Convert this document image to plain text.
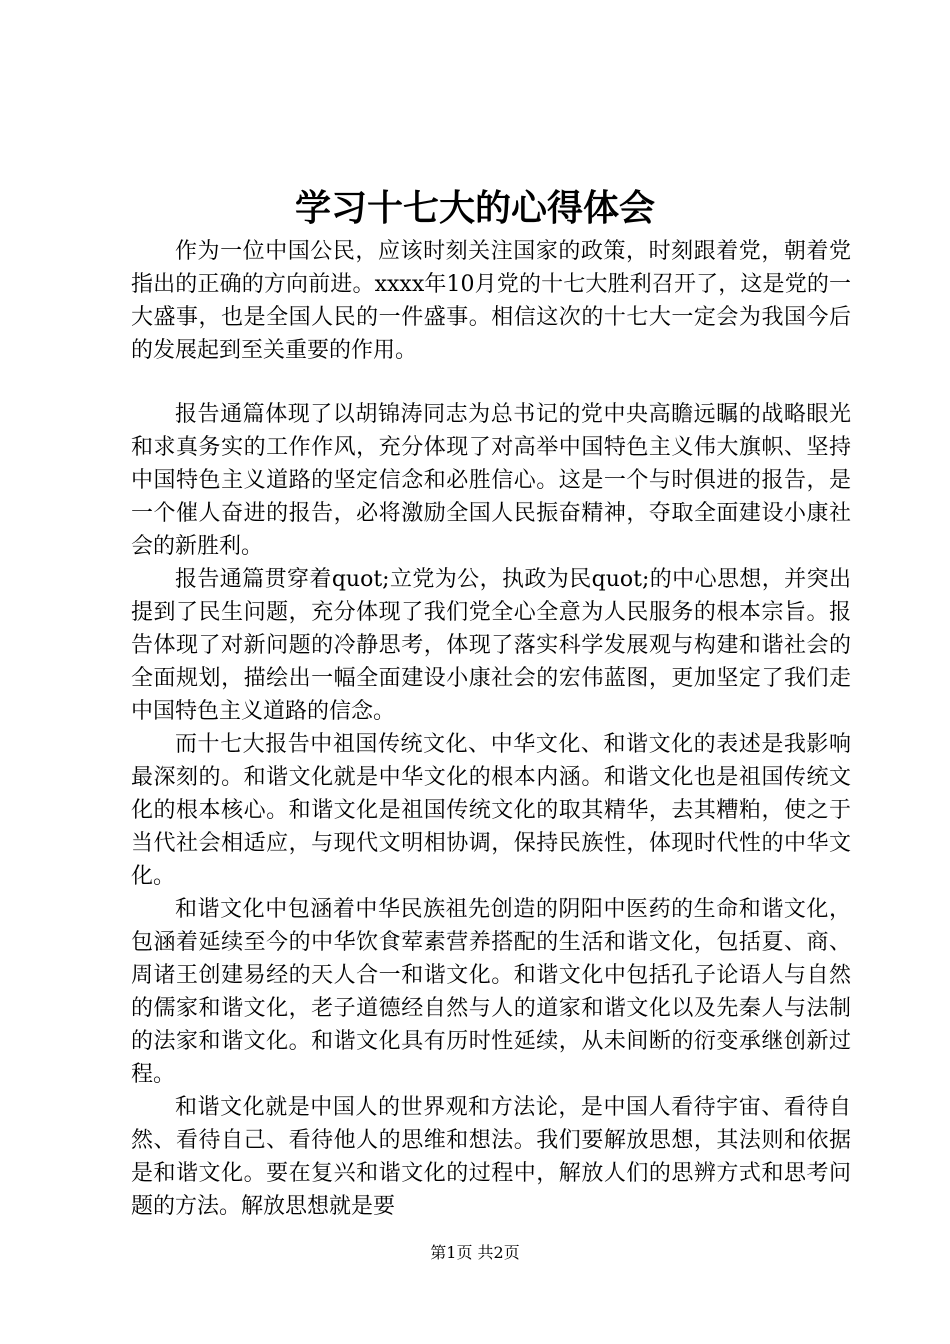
学习十七大的心得体会

作为一位中国公民，应该时刻关注国家的政策，时刻跟着党，朝着党指出的正确的方向前进。xxxx年10月党的十七大胜利召开了，这是党的一大盛事，也是全国人民的一件盛事。相信这次的十七大一定会为我国今后的发展起到至关重要的作用。

报告通篇体现了以胡锦涛同志为总书记的党中央高瞻远瞩的战略眼光和求真务实的工作作风，充分体现了对高举中国特色主义伟大旗帜、坚持中国特色主义道路的坚定信念和必胜信心。这是一个与时俱进的报告，是一个催人奋进的报告，必将激励全国人民振奋精神，夺取全面建设小康社会的新胜利。

报告通篇贯穿着quot;立党为公，执政为民quot;的中心思想，并突出提到了民生问题，充分体现了我们党全心全意为人民服务的根本宗旨。报告体现了对新问题的冷静思考，体现了落实科学发展观与构建和谐社会的全面规划，描绘出一幅全面建设小康社会的宏伟蓝图，更加坚定了我们走中国特色主义道路的信念。

而十七大报告中祖国传统文化、中华文化、和谐文化的表述是我影响最深刻的。和谐文化就是中华文化的根本内涵。和谐文化也是祖国传统文化的根本核心。和谐文化是祖国传统文化的取其精华，去其糟粕，使之于当代社会相适应，与现代文明相协调，保持民族性，体现时代性的中华文化。

和谐文化中包涵着中华民族祖先创造的阴阳中医药的生命和谐文化，包涵着延续至今的中华饮食荤素营养搭配的生活和谐文化，包括夏、商、周诸王创建易经的天人合一和谐文化。和谐文化中包括孔子论语人与自然的儒家和谐文化，老子道德经自然与人的道家和谐文化以及先秦人与法制的法家和谐文化。和谐文化具有历时性延续，从未间断的衍变承继创新过程。

和谐文化就是中国人的世界观和方法论，是中国人看待宇宙、看待自然、看待自己、看待他人的思维和想法。我们要解放思想，其法则和依据是和谐文化。要在复兴和谐文化的过程中，解放人们的思辨方式和思考问题的方法。解放思想就是要

第1页 共2页
